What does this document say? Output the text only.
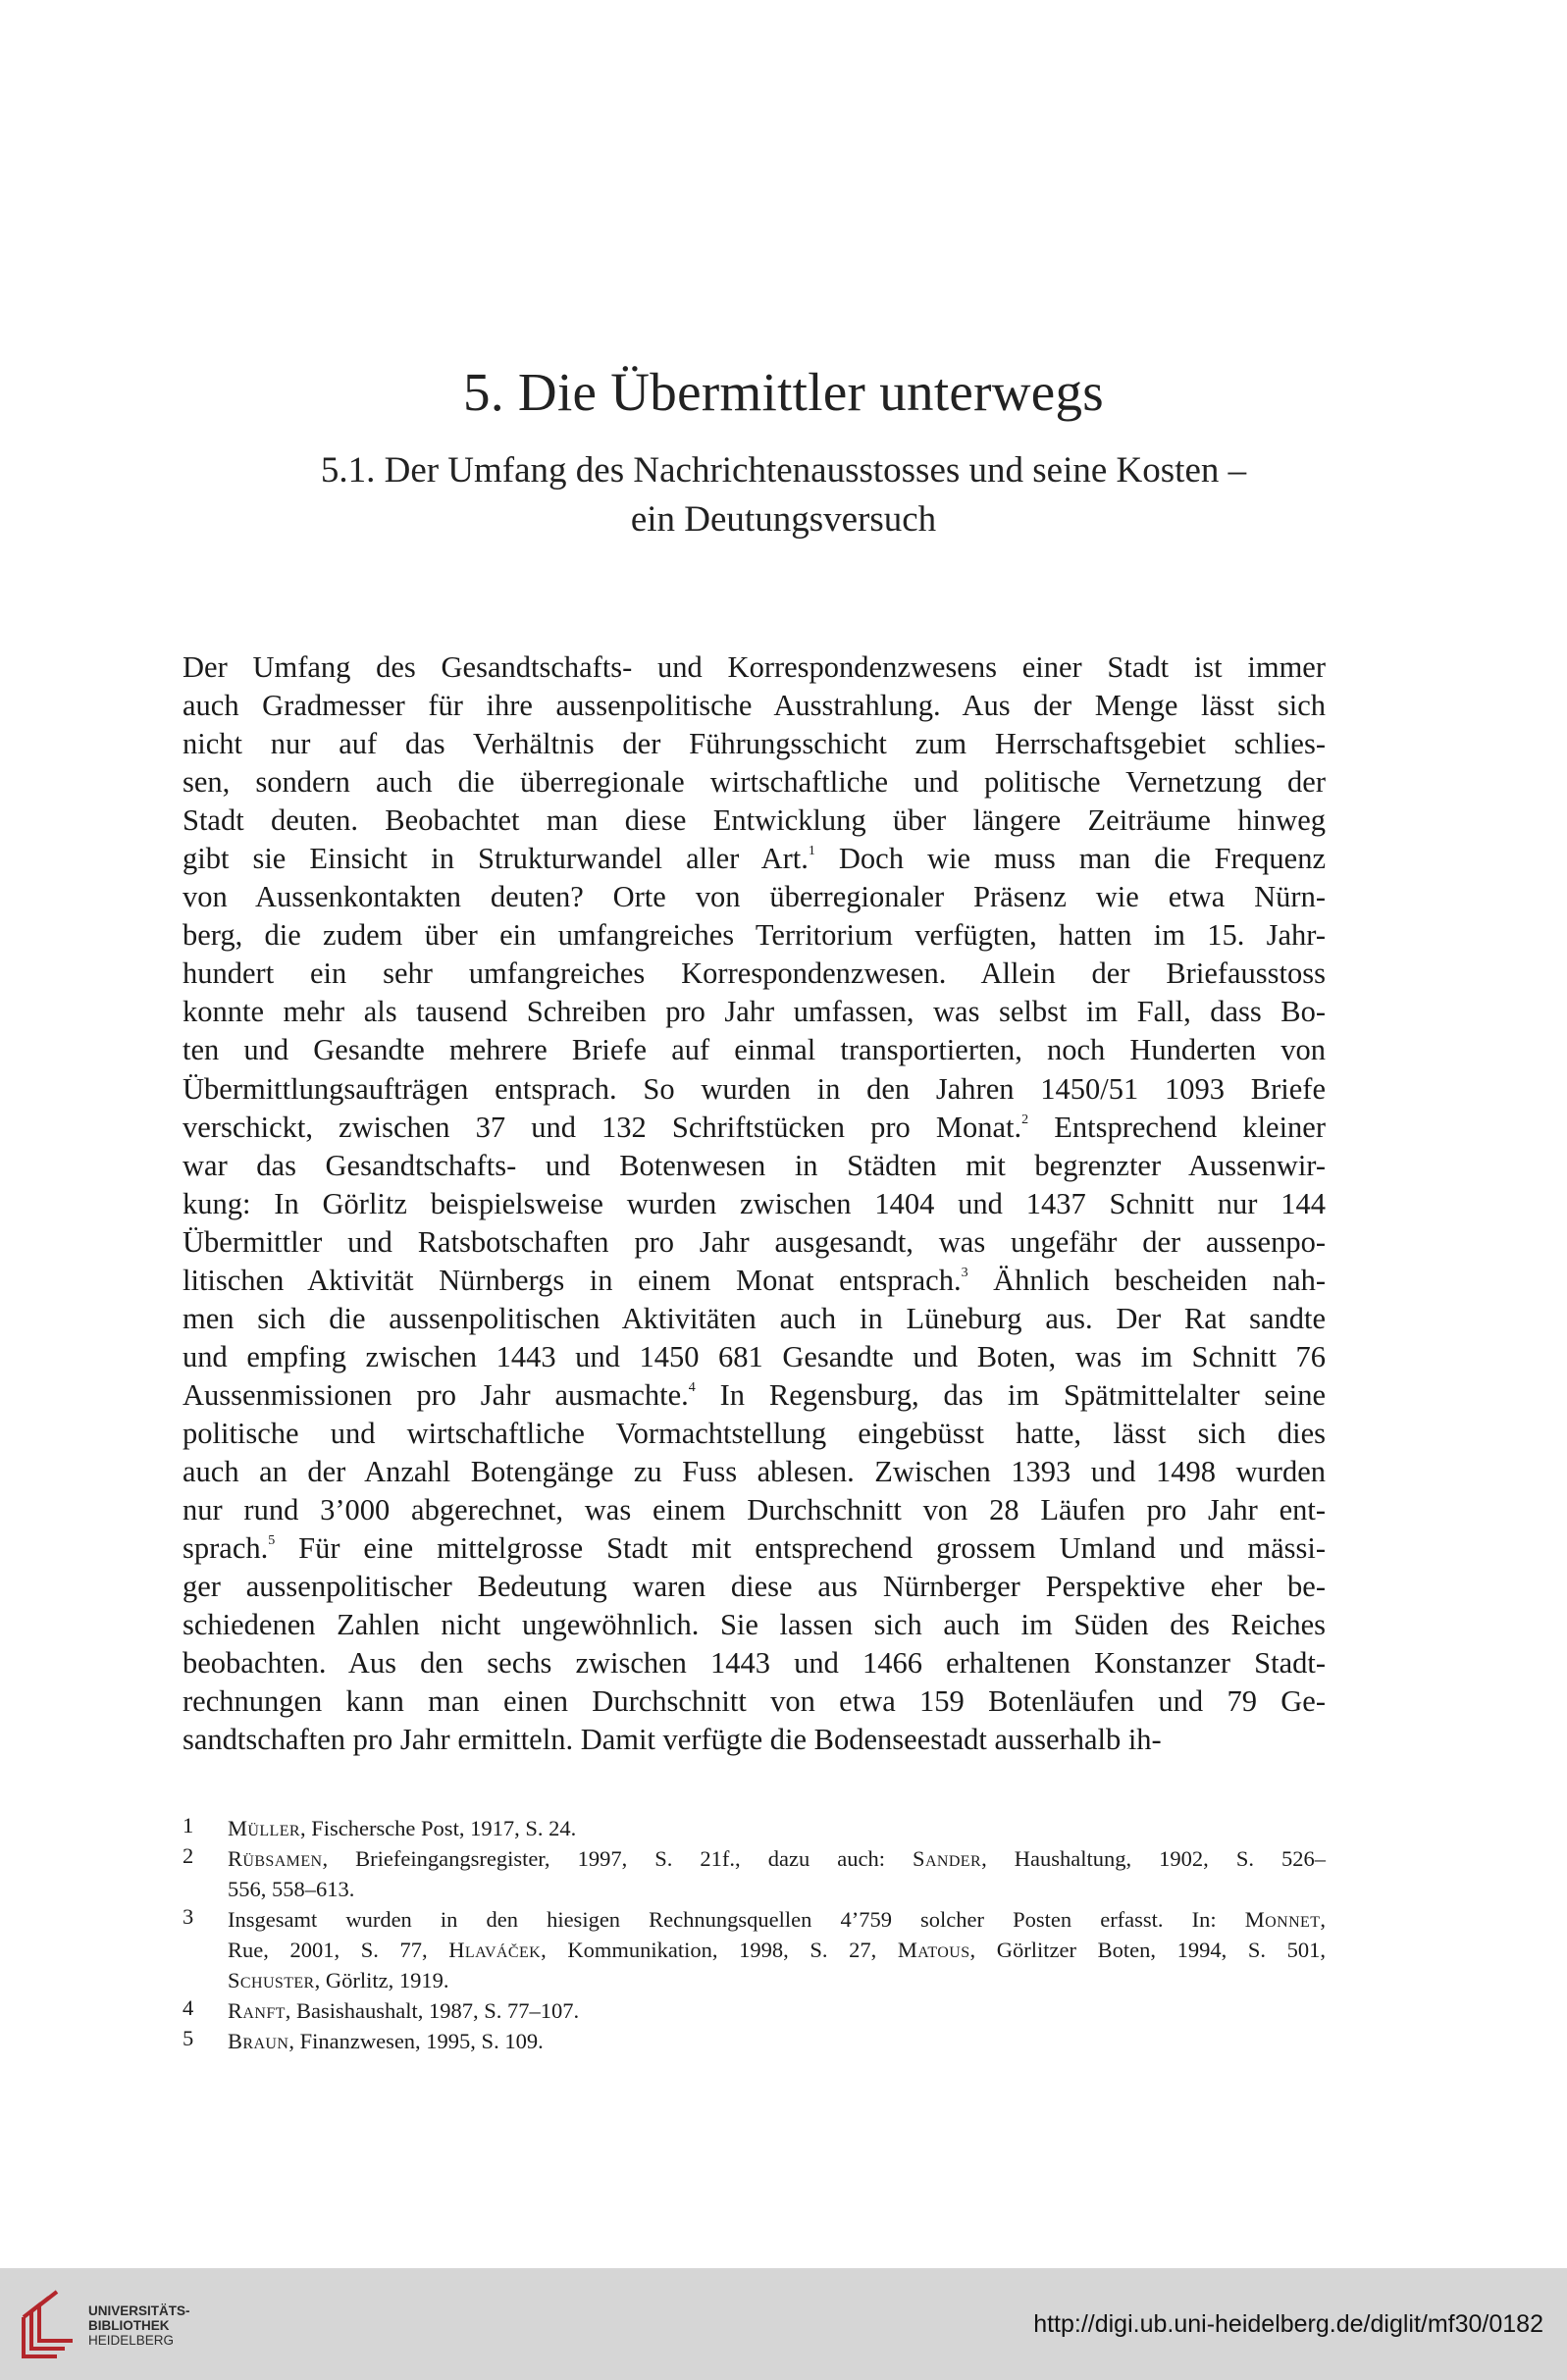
5. Die Übermittler unterwegs
5.1. Der Umfang des Nachrichtenausstosses und seine Kosten –
ein Deutungsversuch
Der Umfang des Gesandtschafts- und Korrespondenzwesens einer Stadt ist immer
auch Gradmesser für ihre aussenpolitische Ausstrahlung. Aus der Menge lässt sich
nicht nur auf das Verhältnis der Führungsschicht zum Herrschaftsgebiet schlies-
sen, sondern auch die überregionale wirtschaftliche und politische Vernetzung der
Stadt deuten. Beobachtet man diese Entwicklung über längere Zeiträume hinweg
gibt sie Einsicht in Strukturwandel aller Art.$^1$ Doch wie muss man die Frequenz
von Aussenkontakten deuten? Orte von überregionaler Präsenz wie etwa Nürn-
berg, die zudem über ein umfangreiches Territorium verfügten, hatten im 15. Jahr-
hundert ein sehr umfangreiches Korrespondenzwesen. Allein der Briefausstoss
konnte mehr als tausend Schreiben pro Jahr umfassen, was selbst im Fall, dass Bo-
ten und Gesandte mehrere Briefe auf einmal transportierten, noch Hunderten von
Übermittlungsaufträgen entsprach. So wurden in den Jahren 1450/51 1093 Briefe
verschickt, zwischen 37 und 132 Schriftstücken pro Monat.$^2$ Entsprechend kleiner
war das Gesandtschafts- und Botenwesen in Städten mit begrenzter Aussenwir-
kung: In Görlitz beispielsweise wurden zwischen 1404 und 1437 Schnitt nur 144
Übermittler und Ratsbotschaften pro Jahr ausgesandt, was ungefähr der aussenpo-
litischen Aktivität Nürnbergs in einem Monat entsprach.$^3$ Ähnlich bescheiden nah-
men sich die aussenpolitischen Aktivitäten auch in Lüneburg aus. Der Rat sandte
und empfing zwischen 1443 und 1450 681 Gesandte und Boten, was im Schnitt 76
Aussenmissionen pro Jahr ausmachte.$^4$ In Regensburg, das im Spätmittelalter seine
politische und wirtschaftliche Vormachtstellung eingebüsst hatte, lässt sich dies
auch an der Anzahl Botengänge zu Fuss ablesen. Zwischen 1393 und 1498 wurden
nur rund 3’000 abgerechnet, was einem Durchschnitt von 28 Läufen pro Jahr ent-
sprach.$^5$ Für eine mittelgrosse Stadt mit entsprechend grossem Umland und mässi-
ger aussenpolitischer Bedeutung waren diese aus Nürnberger Perspektive eher be-
schiedenen Zahlen nicht ungewöhnlich. Sie lassen sich auch im Süden des Reiches
beobachten. Aus den sechs zwischen 1443 und 1466 erhaltenen Konstanzer Stadt-
rechnungen kann man einen Durchschnitt von etwa 159 Botenläufen und 79 Ge-
sandtschaften pro Jahr ermitteln. Damit verfügte die Bodenseestadt ausserhalb ih-
1	Müller, Fischersche Post, 1917, S. 24.
2	Rübsamen, Briefeingangsregister, 1997, S. 21f., dazu auch: Sander, Haushaltung, 1902, S. 526–
556, 558–613.
3	Insgesamt wurden in den hiesigen Rechnungsquellen 4’759 solcher Posten erfasst. In: Monnet,
Rue, 2001, S. 77, Hlaváček, Kommunikation, 1998, S. 27, Matous, Görlitzer Boten, 1994, S. 501,
Schuster, Görlitz, 1919.
4	Ranft, Basishaushalt, 1987, S. 77–107.
5	Braun, Finanzwesen, 1995, S. 109.
UNIVERSITÄTS-
BIBLIOTHEK
HEIDELBERG
http://digi.ub.uni-heidelberg.de/diglit/mf30/0182
